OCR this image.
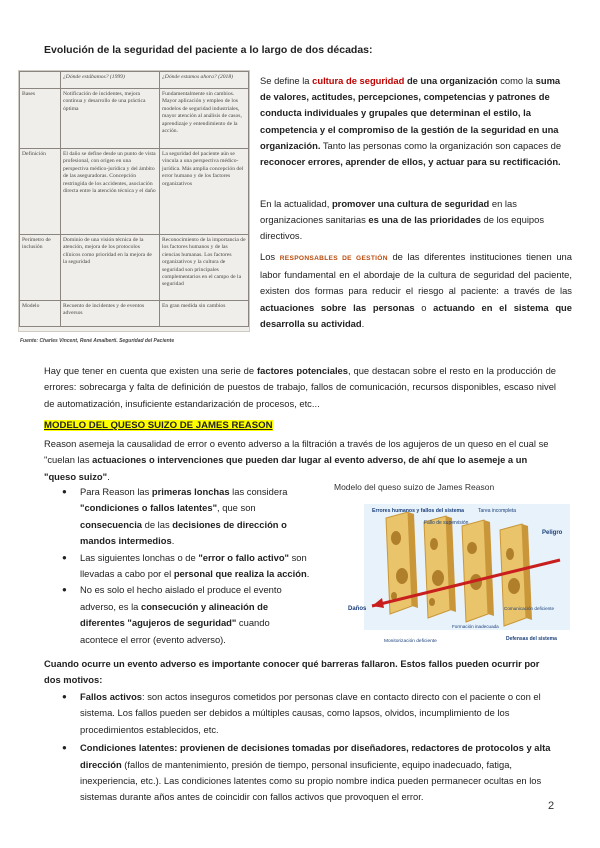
Evolución de la seguridad del paciente a lo largo de dos décadas:
	¿Dónde estábamos? (1999)	¿Dónde estamos ahora? (2018)
Bases	Notificación de incidentes, mejora continua y desarrollo de una práctica óptima	Fundamentalmente sin cambios. Mayor aplicación y empleo de los modelos de seguridad industriales, mayor atención al análisis de casos, aprendizaje y entendimiento de la acción.
Definición	El daño se define desde un punto de vista profesional, con origen en una perspectiva médico-jurídica y del ámbito de las aseguradoras. Concepción restringida de los accidentes, asociación directa entre la atención técnica y el daño	La seguridad del paciente aún se vincula a una perspectiva médico-jurídica. Más amplia concepción del error humano y de los factores organizativos
Perímetro de inclusión	Dominio de una visión técnica de la atención, mejora de los protocolos clínicos como prioridad en la mejora de la seguridad	Reconocimiento de la importancia de los factores humanos y de las ciencias humanas. Los factores organizativos y la cultura de seguridad son principales complementarios en el campo de la seguridad
Modelo	Recuento de incidentes y de eventos adversos	En gran medida sin cambios
Fuente: Charles Vincent, René Amalberti. Seguridad del Paciente
Se define la cultura de seguridad de una organización como la suma de valores, actitudes, percepciones, competencias y patrones de conducta individuales y grupales que determinan el estilo, la competencia y el compromiso de la gestión de la seguridad en una organización. Tanto las personas como la organización son capaces de reconocer errores, aprender de ellos, y actuar para su rectificación.
En la actualidad, promover una cultura de seguridad en las organizaciones sanitarias es una de las prioridades de los equipos directivos.
Los RESPONSABLES DE GESTIÓN de las diferentes instituciones tienen una labor fundamental en el abordaje de la cultura de seguridad del paciente, existen dos formas para reducir el riesgo al paciente: a través de las actuaciones sobre las personas o actuando en el sistema que desarrolla su actividad.
Hay que tener en cuenta que existen una serie de factores potenciales, que destacan sobre el resto en la producción de errores: sobrecarga y falta de definición de puestos de trabajo, fallos de comunicación, recursos disponibles, escaso nivel de automatización, insuficiente estandarización de procesos, etc...
MODELO DEL QUESO SUIZO DE JAMES REASON
Reason asemeja la causalidad de error o evento adverso a la filtración a través de los agujeros de un queso en el cual se "cuelan las actuaciones o intervenciones que pueden dar lugar al evento adverso, de ahí que lo asemeje a un "queso suizo".
● Para Reason las primeras lonchas las considera "condiciones o fallos latentes", que son consecuencia de las decisiones de dirección o mandos intermedios.
● Las siguientes lonchas o de "error o fallo activo" son llevadas a cabo por el personal que realiza la acción.
● No es solo el hecho aislado el produce el evento adverso, es la consecución y alineación de diferentes "agujeros de seguridad" cuando acontece el error (evento adverso).
Modelo del queso suizo de James Reason
Errores humanos y fallos del sistema
Fallo de supervisión
Tarea incompleta
Peligro
Daños	Comunicación deficiente
Formación inadecuada
Monitorización deficiente	Defensas del sistema
Cuando ocurre un evento adverso es importante conocer qué barreras fallaron. Estos fallos pueden ocurrir por dos motivos:
● Fallos activos: son actos inseguros cometidos por personas clave en contacto directo con el paciente o con el sistema. Los fallos pueden ser debidos a múltiples causas, como lapsos, olvidos, incumplimiento de los procedimientos establecidos, etc.
● Condiciones latentes: provienen de decisiones tomadas por diseñadores, redactores de protocolos y alta dirección (fallos de mantenimiento, presión de tiempo, personal insuficiente, equipo inadecuado, fatiga, inexperiencia, etc.). Las condiciones latentes como su propio nombre indica pueden permanecer ocultas en los sistemas durante años antes de coincidir con fallos activos que provoquen el error.
2
